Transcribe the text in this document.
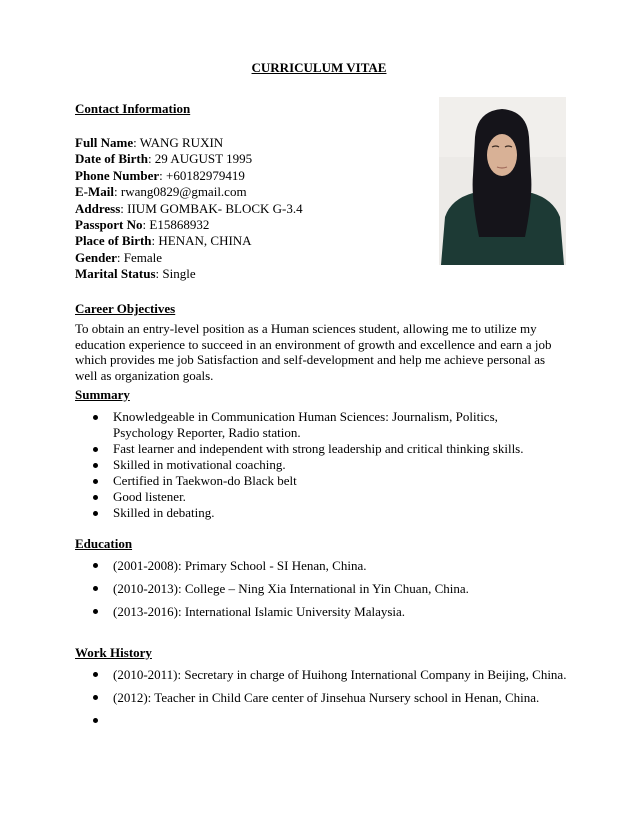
CURRICULUM VITAE
Contact Information
Full Name: WANG RUXIN
Date of Birth: 29 AUGUST 1995
Phone Number: +60182979419
E-Mail: rwang0829@gmail.com
Address: IIUM GOMBAK- BLOCK G-3.4
Passport No: E15868932
Place of Birth: HENAN, CHINA
Gender: Female
Marital Status: Single
Career Objectives
To obtain an entry-level position as a Human sciences student, allowing me to utilize my education experience to succeed in an environment of growth and excellence and earn a job which provides me job Satisfaction and self-development and help me achieve personal as well as organization goals.
Summary
Knowledgeable in Communication Human Sciences: Journalism, Politics, Psychology Reporter, Radio station.
Fast learner and independent with strong leadership and critical thinking skills.
Skilled in motivational coaching.
Certified in Taekwon-do Black belt
Good listener.
Skilled in debating.
Education
(2001-2008): Primary School - SI Henan, China.
(2010-2013): College – Ning Xia International in Yin Chuan, China.
(2013-2016): International Islamic University Malaysia.
Work History
(2010-2011): Secretary in charge of Huihong International Company in Beijing, China.
(2012): Teacher in Child Care center of Jinsehua Nursery school in Henan, China.
